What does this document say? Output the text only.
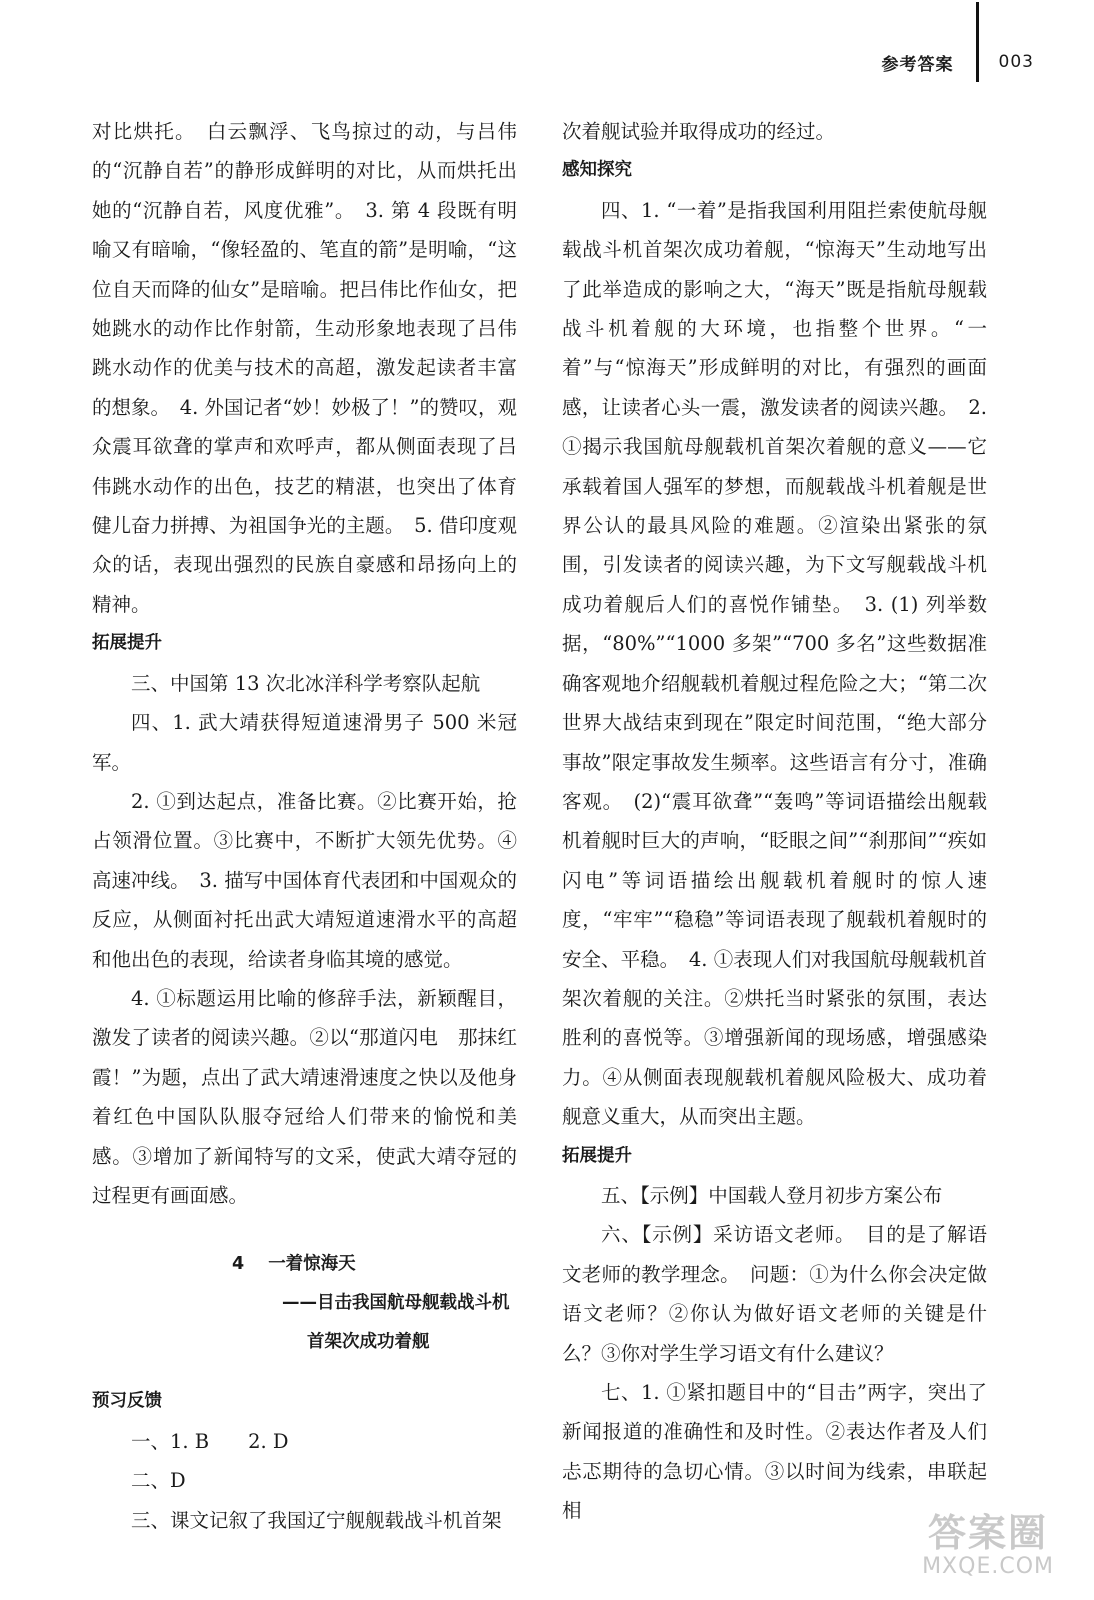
参考答案	003

对比烘托。　白云飘浮、飞鸟掠过的动，与吕伟的“沉静自若”的静形成鲜明的对比，从而烘托出她的“沉静自若，风度优雅”。　3. 第 4 段既有明喻又有暗喻，“像轻盈的、笔直的箭”是明喻，“这位自天而降的仙女”是暗喻。把吕伟比作仙女，把她跳水的动作比作射箭，生动形象地表现了吕伟跳水动作的优美与技术的高超，激发起读者丰富的想象。　4. 外国记者“妙！妙极了！”的赞叹，观众震耳欲聋的掌声和欢呼声，都从侧面表现了吕伟跳水动作的出色，技艺的精湛，也突出了体育健儿奋力拼搏、为祖国争光的主题。　5. 借印度观众的话，表现出强烈的民族自豪感和昂扬向上的精神。

拓展提升

三、中国第 13 次北冰洋科学考察队起航

四、1. 武大靖获得短道速滑男子 500 米冠军。

2. ①到达起点，准备比赛。②比赛开始，抢占领滑位置。③比赛中，不断扩大领先优势。④高速冲线。　3. 描写中国体育代表团和中国观众的反应，从侧面衬托出武大靖短道速滑水平的高超和他出色的表现，给读者身临其境的感觉。

4. ①标题运用比喻的修辞手法，新颖醒目，激发了读者的阅读兴趣。②以“那道闪电　那抹红霞！”为题，点出了武大靖速滑速度之快以及他身着红色中国队队服夺冠给人们带来的愉悦和美感。③增加了新闻特写的文采，使武大靖夺冠的过程更有画面感。

4 一着惊海天
——目击我国航母舰载战斗机
首架次成功着舰

预习反馈

一、1. B　　2. D

二、D

三、课文记叙了我国辽宁舰舰载战斗机首架

次着舰试验并取得成功的经过。

感知探究

四、1. “一着”是指我国利用阻拦索使航母舰载战斗机首架次成功着舰，“惊海天”生动地写出了此举造成的影响之大，“海天”既是指航母舰载战斗机着舰的大环境，也指整个世界。“一着”与“惊海天”形成鲜明的对比，有强烈的画面感，让读者心头一震，激发读者的阅读兴趣。　2. ①揭示我国航母舰载机首架次着舰的意义——它承载着国人强军的梦想，而舰载战斗机着舰是世界公认的最具风险的难题。②渲染出紧张的氛围，引发读者的阅读兴趣，为下文写舰载战斗机成功着舰后人们的喜悦作铺垫。　3. (1) 列举数据，“80%”“1000 多架”“700 多名”这些数据准确客观地介绍舰载机着舰过程危险之大；“第二次世界大战结束到现在”限定时间范围，“绝大部分事故”限定事故发生频率。这些语言有分寸，准确客观。　(2)“震耳欲聋”“轰鸣”等词语描绘出舰载机着舰时巨大的声响，“眨眼之间”“刹那间”“疾如闪电”等词语描绘出舰载机着舰时的惊人速度，“牢牢”“稳稳”等词语表现了舰载机着舰时的安全、平稳。　4. ①表现人们对我国航母舰载机首架次着舰的关注。②烘托当时紧张的氛围，表达胜利的喜悦等。③增强新闻的现场感，增强感染力。④从侧面表现舰载机着舰风险极大、成功着舰意义重大，从而突出主题。

拓展提升

五、【示例】中国载人登月初步方案公布

六、【示例】采访语文老师。　目的是了解语文老师的教学理念。　问题：①为什么你会决定做语文老师？②你认为做好语文老师的关键是什么？③你对学生学习语文有什么建议？

七、1. ①紧扣题目中的“目击”两字，突出了新闻报道的准确性和及时性。②表达作者及人们忐忑期待的急切心情。③以时间为线索，串联起相

答案圈
MXQE.COM
